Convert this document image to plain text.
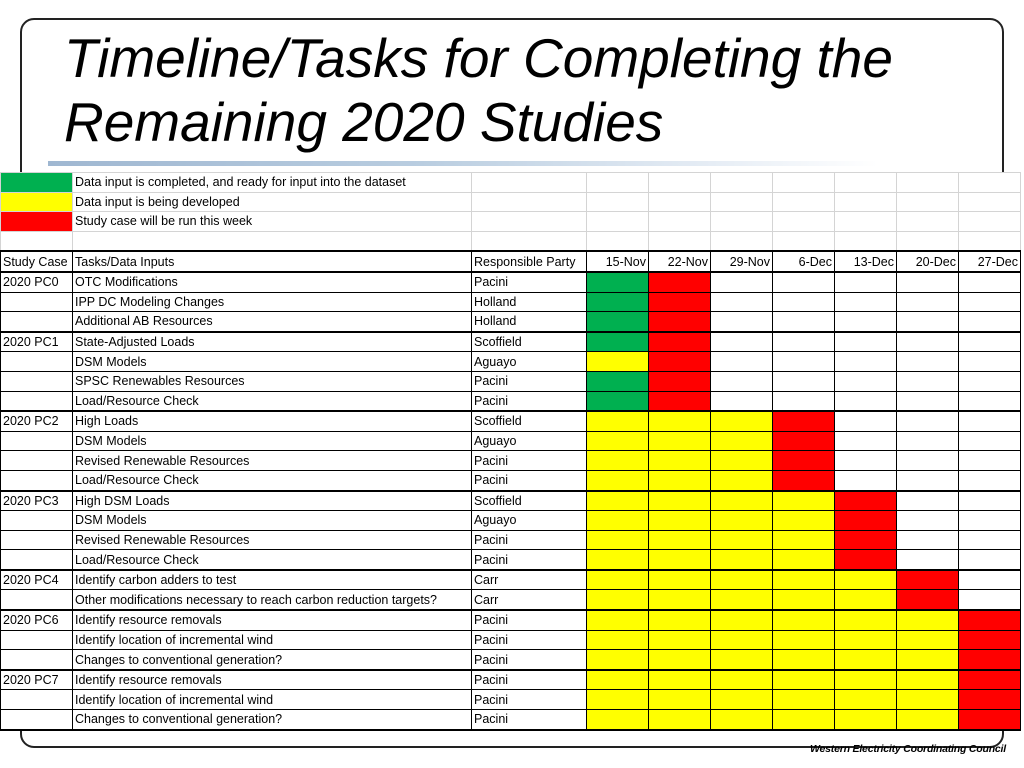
Timeline/Tasks for Completing the
Remaining 2020 Studies
	Data input is completed, and ready for input into the dataset								
	Data input is being developed								
	Study case will be run this week								

Study Case	Tasks/Data Inputs	Responsible Party	15-Nov	22-Nov	29-Nov	6-Dec	13-Dec	20-Dec	27-Dec
2020 PC0	OTC Modifications	Pacini							
	IPP DC Modeling Changes	Holland							
	Additional AB Resources	Holland							
2020 PC1	State-Adjusted Loads	Scoffield							
	DSM Models	Aguayo							
	SPSC Renewables Resources	Pacini							
	Load/Resource Check	Pacini							
2020 PC2	High Loads	Scoffield							
	DSM Models	Aguayo							
	Revised Renewable Resources	Pacini							
	Load/Resource Check	Pacini							
2020 PC3	High DSM Loads	Scoffield							
	DSM Models	Aguayo							
	Revised Renewable Resources	Pacini							
	Load/Resource Check	Pacini							
2020 PC4	Identify carbon adders to test	Carr							
	Other modifications necessary to reach carbon reduction targets?	Carr							
2020 PC6	Identify resource removals	Pacini							
	Identify location of incremental wind	Pacini							
	Changes to conventional generation?	Pacini							
2020 PC7	Identify resource removals	Pacini							
	Identify location of incremental wind	Pacini							
	Changes to conventional generation?	Pacini							
Western Electricity Coordinating Council
